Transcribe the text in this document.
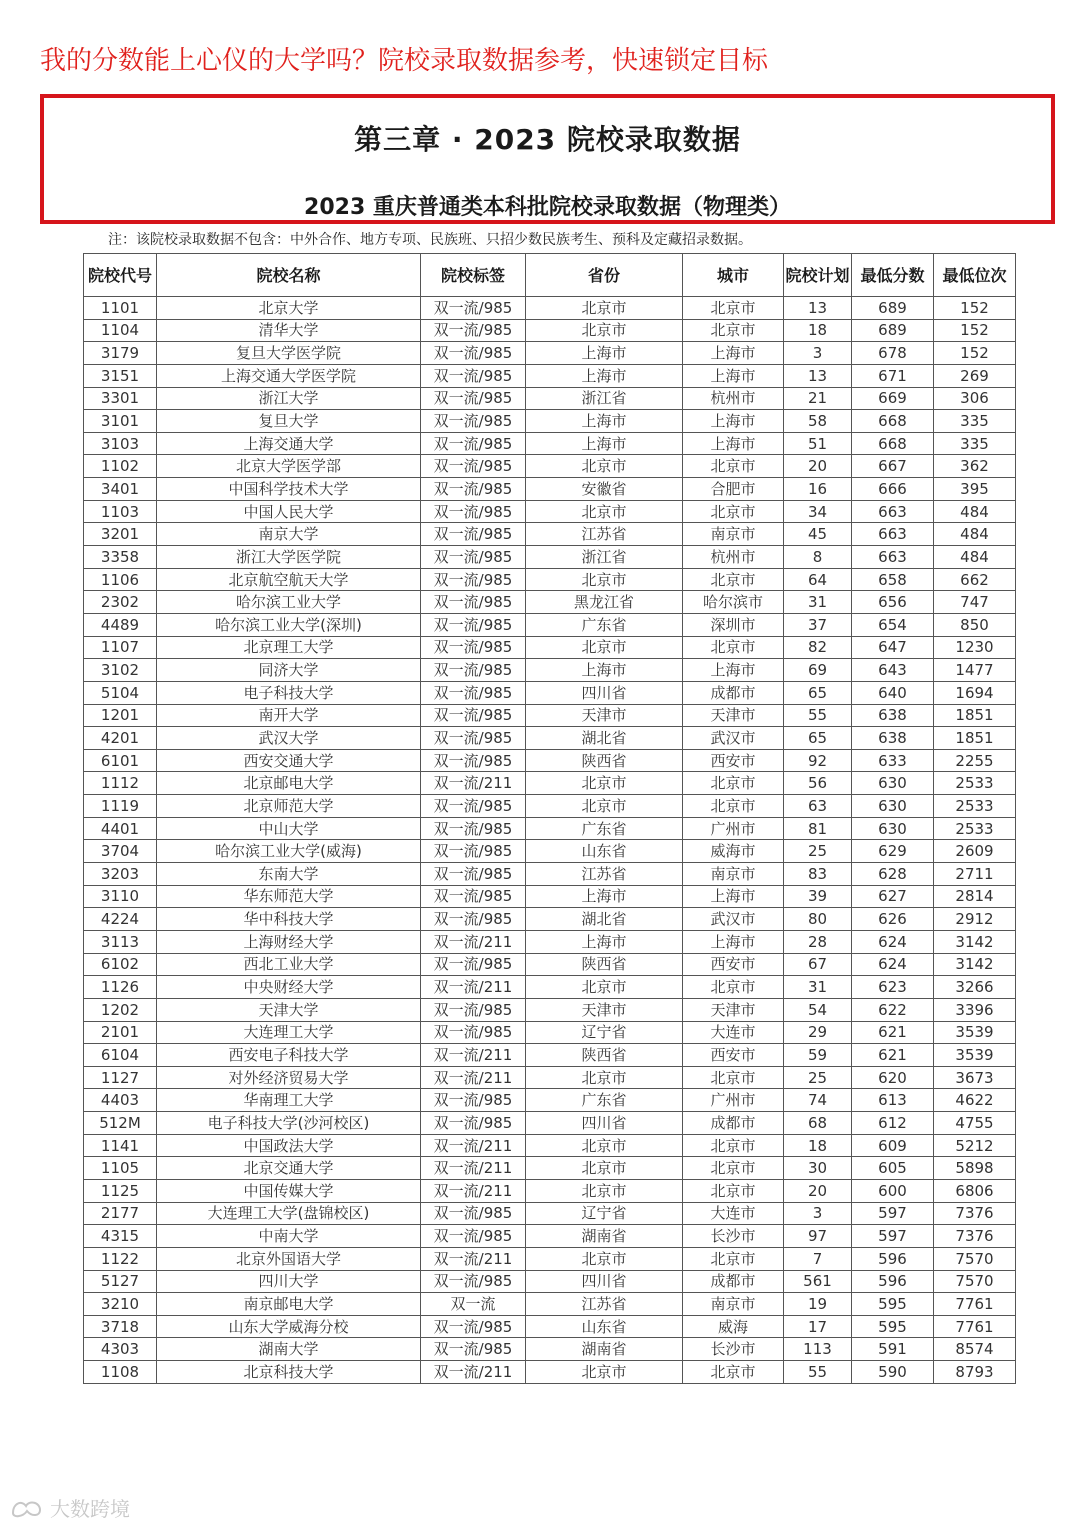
我的分数能上心仪的大学吗？院校录取数据参考，快速锁定目标
第三章 · 2023 院校录取数据
2023 重庆普通类本科批院校录取数据（物理类）
注：该院校录取数据不包含：中外合作、地方专项、民族班、只招少数民族考生、预科及定藏招录数据。
院校代号	院校名称	院校标签	省份	城市	院校计划	最低分数	最低位次
1101	北京大学	双一流/985	北京市	北京市	13	689	152
1104	清华大学	双一流/985	北京市	北京市	18	689	152
3179	复旦大学医学院	双一流/985	上海市	上海市	3	678	152
3151	上海交通大学医学院	双一流/985	上海市	上海市	13	671	269
3301	浙江大学	双一流/985	浙江省	杭州市	21	669	306
3101	复旦大学	双一流/985	上海市	上海市	58	668	335
3103	上海交通大学	双一流/985	上海市	上海市	51	668	335
1102	北京大学医学部	双一流/985	北京市	北京市	20	667	362
3401	中国科学技术大学	双一流/985	安徽省	合肥市	16	666	395
1103	中国人民大学	双一流/985	北京市	北京市	34	663	484
3201	南京大学	双一流/985	江苏省	南京市	45	663	484
3358	浙江大学医学院	双一流/985	浙江省	杭州市	8	663	484
1106	北京航空航天大学	双一流/985	北京市	北京市	64	658	662
2302	哈尔滨工业大学	双一流/985	黑龙江省	哈尔滨市	31	656	747
4489	哈尔滨工业大学(深圳)	双一流/985	广东省	深圳市	37	654	850
1107	北京理工大学	双一流/985	北京市	北京市	82	647	1230
3102	同济大学	双一流/985	上海市	上海市	69	643	1477
5104	电子科技大学	双一流/985	四川省	成都市	65	640	1694
1201	南开大学	双一流/985	天津市	天津市	55	638	1851
4201	武汉大学	双一流/985	湖北省	武汉市	65	638	1851
6101	西安交通大学	双一流/985	陕西省	西安市	92	633	2255
1112	北京邮电大学	双一流/211	北京市	北京市	56	630	2533
1119	北京师范大学	双一流/985	北京市	北京市	63	630	2533
4401	中山大学	双一流/985	广东省	广州市	81	630	2533
3704	哈尔滨工业大学(威海)	双一流/985	山东省	威海市	25	629	2609
3203	东南大学	双一流/985	江苏省	南京市	83	628	2711
3110	华东师范大学	双一流/985	上海市	上海市	39	627	2814
4224	华中科技大学	双一流/985	湖北省	武汉市	80	626	2912
3113	上海财经大学	双一流/211	上海市	上海市	28	624	3142
6102	西北工业大学	双一流/985	陕西省	西安市	67	624	3142
1126	中央财经大学	双一流/211	北京市	北京市	31	623	3266
1202	天津大学	双一流/985	天津市	天津市	54	622	3396
2101	大连理工大学	双一流/985	辽宁省	大连市	29	621	3539
6104	西安电子科技大学	双一流/211	陕西省	西安市	59	621	3539
1127	对外经济贸易大学	双一流/211	北京市	北京市	25	620	3673
4403	华南理工大学	双一流/985	广东省	广州市	74	613	4622
512M	电子科技大学(沙河校区)	双一流/985	四川省	成都市	68	612	4755
1141	中国政法大学	双一流/211	北京市	北京市	18	609	5212
1105	北京交通大学	双一流/211	北京市	北京市	30	605	5898
1125	中国传媒大学	双一流/211	北京市	北京市	20	600	6806
2177	大连理工大学(盘锦校区)	双一流/985	辽宁省	大连市	3	597	7376
4315	中南大学	双一流/985	湖南省	长沙市	97	597	7376
1122	北京外国语大学	双一流/211	北京市	北京市	7	596	7570
5127	四川大学	双一流/985	四川省	成都市	561	596	7570
3210	南京邮电大学	双一流	江苏省	南京市	19	595	7761
3718	山东大学威海分校	双一流/985	山东省	威海	17	595	7761
4303	湖南大学	双一流/985	湖南省	长沙市	113	591	8574
1108	北京科技大学	双一流/211	北京市	北京市	55	590	8793
大数跨境
